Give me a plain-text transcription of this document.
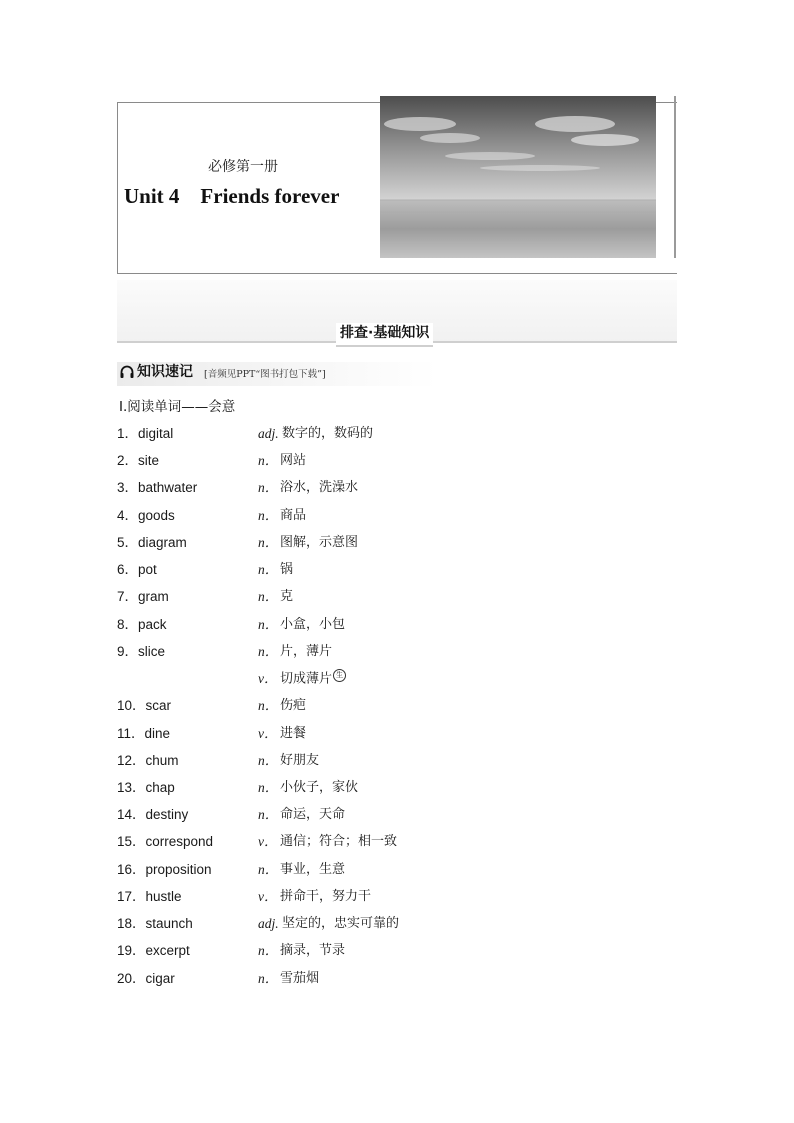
必修第一册
Unit 4    Friends forever
排查·基础知识
知识速记 [音频见PPT“图书打包下载”]
Ⅰ.阅读单词——会意
1．digital	adj. 数字的，数码的
2．site	n． 网站
3．bathwater	n． 浴水，洗澡水
4．goods	n． 商品
5．diagram	n． 图解，示意图
6．pot	n． 锅
7．gram	n． 克
8．pack	n． 小盒，小包
9．slice	n． 片，薄片
v． 切成薄片 生
10．scar	n． 伤疤
11．dine	v． 进餐
12．chum	n． 好朋友
13．chap	n． 小伙子，家伙
14．destiny	n． 命运，天命
15．correspond	v． 通信；符合；相一致
16．proposition	n． 事业，生意
17．hustle	v． 拼命干，努力干
18．staunch	adj. 坚定的，忠实可靠的
19．excerpt	n． 摘录，节录
20．cigar	n． 雪茄烟
